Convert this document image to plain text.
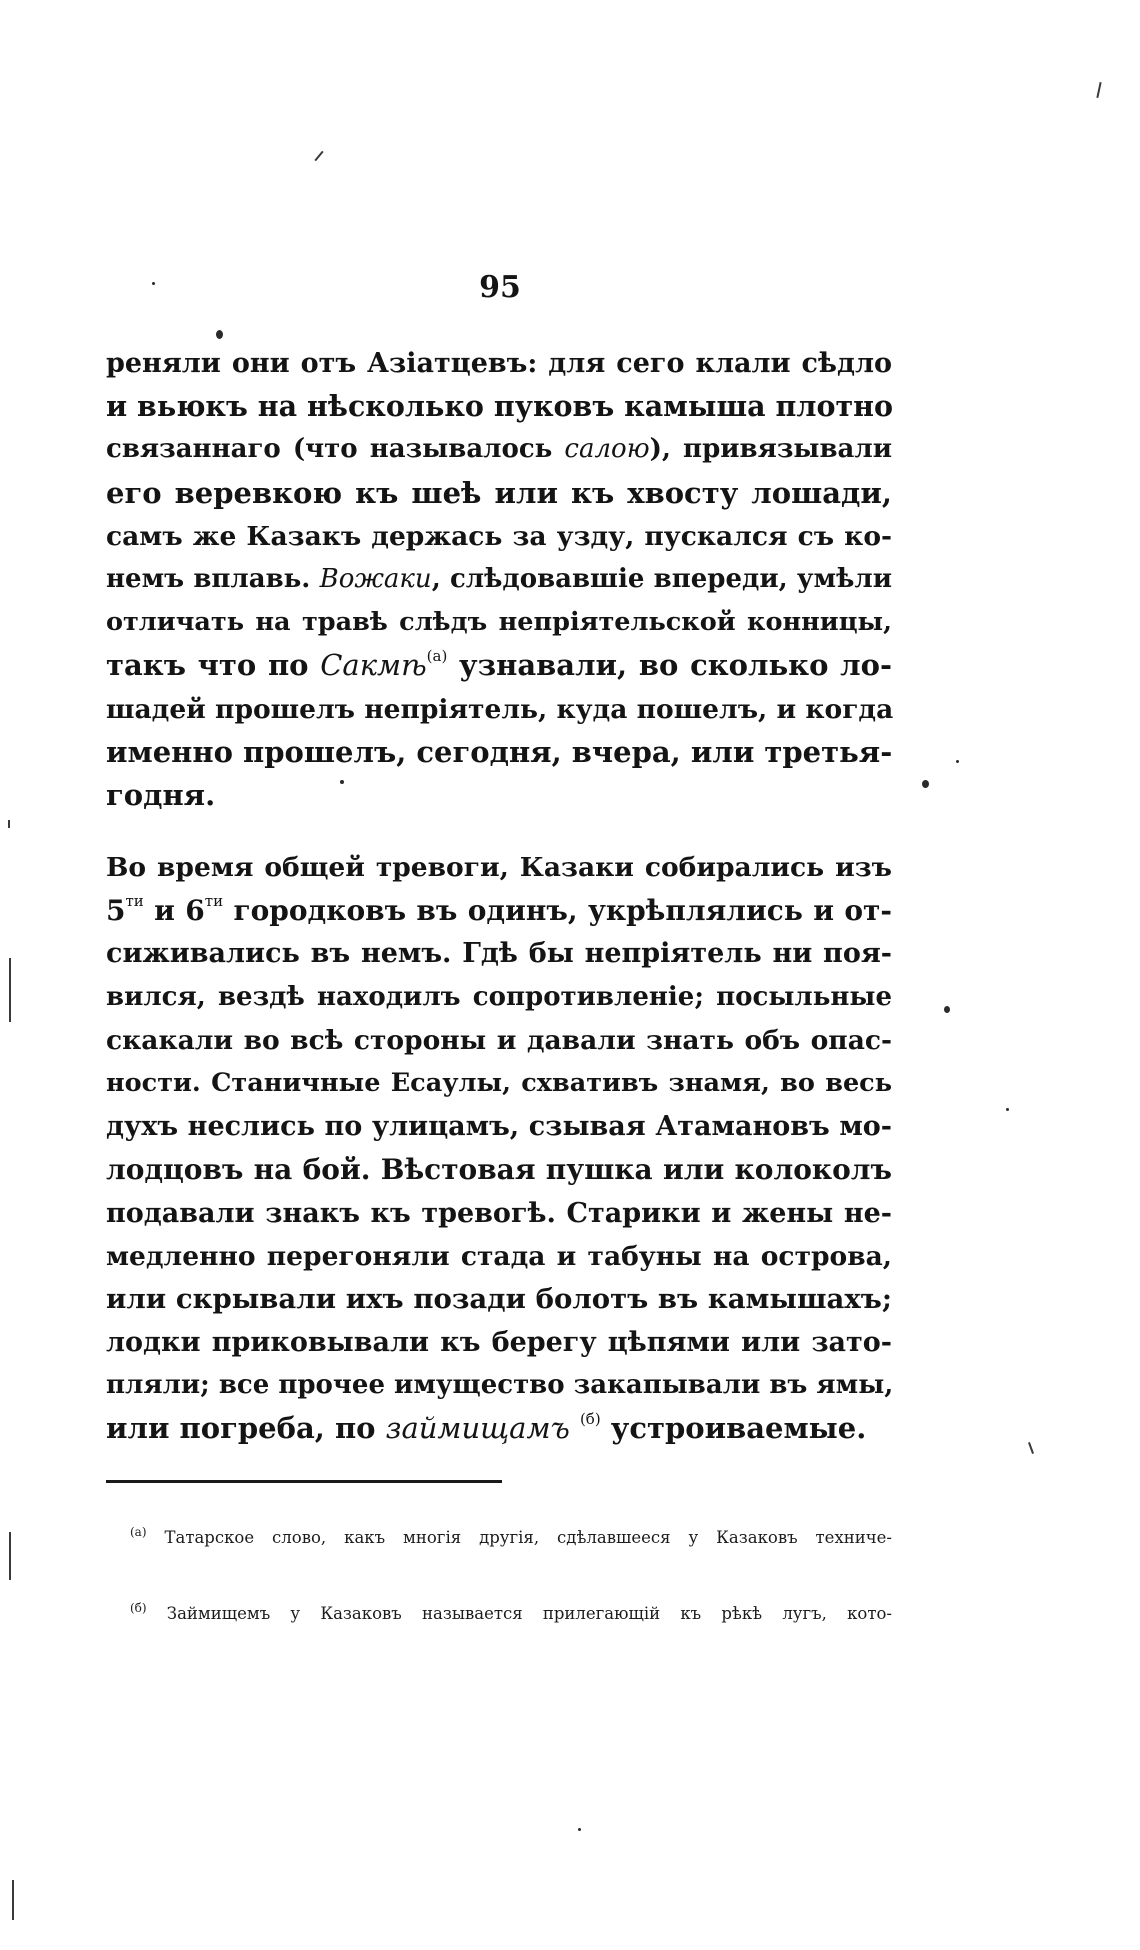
95
реняли они отъ Азіатцевъ: для сего клали сѣдло
и вьюкъ на нѣсколько пуковъ камыша плотно
связаннаго (что называлось салою), привязывали
его веревкою къ шеѣ или къ хвосту лошади,
самъ же Казакъ держась за узду, пускался съ ко-
немъ вплавь. Вожаки, слѣдовавшіе впереди, умѣли
отличать на травѣ слѣдъ непріятельской конницы,
такъ что по Сакмѣ$^{(а)}$ узнавали, во сколько ло-
шадей прошелъ непріятель, куда пошелъ, и когда
именно прошелъ, сегодня, вчера, или третья-
годня.
Во время общей тревоги, Казаки собирались изъ
5$^{ти}$ и 6$^{ти}$ городковъ въ одинъ, укрѣплялись и от-
сиживались въ немъ. Гдѣ бы непріятель ни поя-
вился, вездѣ находилъ сопротивленіе; посыльные
скакали во всѣ стороны и давали знать объ опас-
ности. Станичные Есаулы, схвативъ знамя, во весь
духъ неслись по улицамъ, сзывая Атамановъ мо-
лодцовъ на бой. Вѣстовая пушка или колоколъ
подавали знакъ къ тревогѣ. Старики и жены не-
медленно перегоняли стада и табуны на острова,
или скрывали ихъ позади болотъ въ камышахъ;
лодки приковывали къ берегу цѣпями или зато-
пляли; все прочее имущество закапывали въ ямы,
или погреба, по займищамъ $^{(б)}$ устроиваемые.
$^{(а)}$ Татарское слово, какъ многія другія, сдѣлавшееся у Казаковъ техниче-
$^{(б)}$ Займищемъ у Казаковъ называется прилегающій къ рѣкѣ лугъ, кото-
